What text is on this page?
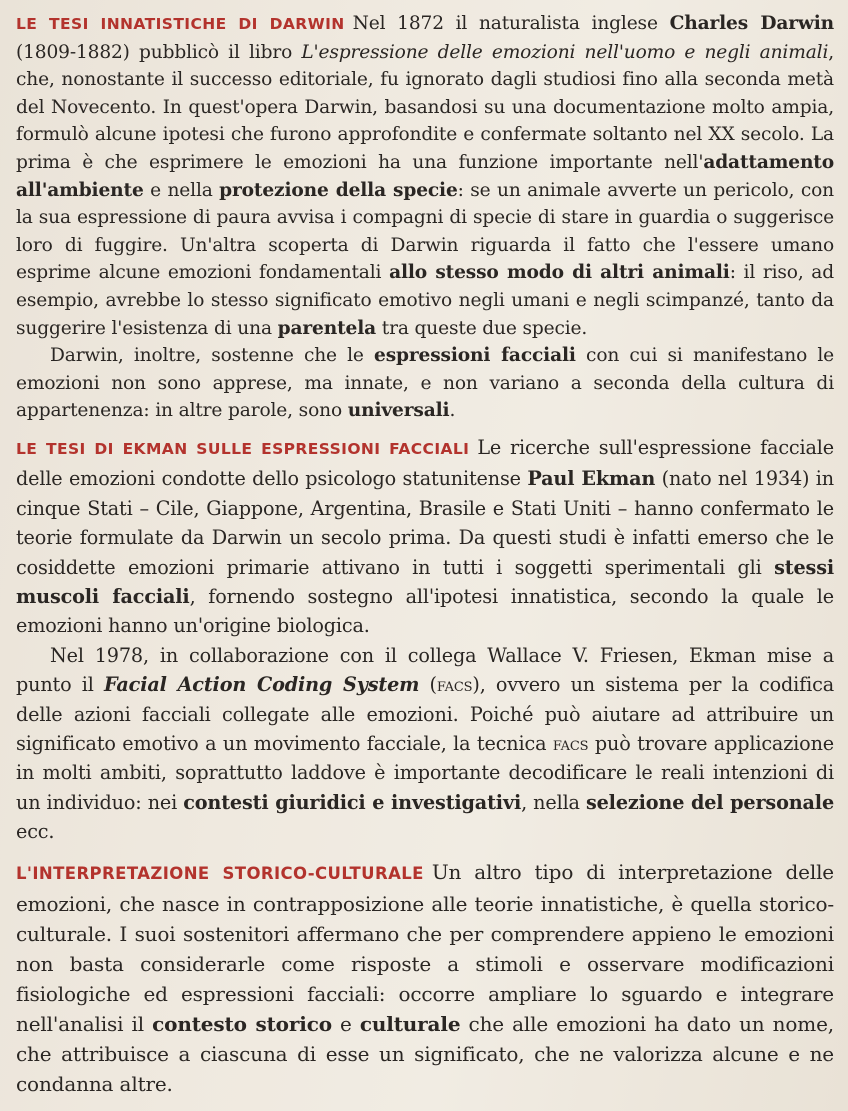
LE TESI INNATISTICHE DI DARWIN Nel 1872 il naturalista inglese Charles Darwin (1809-1882) pubblicò il libro L'espressione delle emozioni nell'uomo e negli animali, che, nonostante il successo editoriale, fu ignorato dagli studiosi fino alla seconda metà del Novecento. In quest'opera Darwin, basandosi su una documentazione molto ampia, formulò alcune ipotesi che furono approfondite e confermate soltanto nel XX secolo. La prima è che esprimere le emozioni ha una funzione importante nell'adattamento all'ambiente e nella protezione della specie: se un animale avverte un pericolo, con la sua espressione di paura avvisa i compagni di specie di stare in guardia o suggerisce loro di fuggire. Un'altra scoperta di Darwin riguarda il fatto che l'essere umano esprime alcune emozioni fondamentali allo stesso modo di altri animali: il riso, ad esempio, avrebbe lo stesso significato emotivo negli umani e negli scimpanzé, tanto da suggerire l'esistenza di una parentela tra queste due specie.

Darwin, inoltre, sostenne che le espressioni facciali con cui si manifestano le emozioni non sono apprese, ma innate, e non variano a seconda della cultura di appartenenza: in altre parole, sono universali.

LE TESI DI EKMAN SULLE ESPRESSIONI FACCIALI Le ricerche sull'espressione facciale delle emozioni condotte dello psicologo statunitense Paul Ekman (nato nel 1934) in cinque Stati – Cile, Giappone, Argentina, Brasile e Stati Uniti – hanno confermato le teorie formulate da Darwin un secolo prima. Da questi studi è infatti emerso che le cosiddette emozioni primarie attivano in tutti i soggetti sperimentali gli stessi muscoli facciali, fornendo sostegno all'ipotesi innatistica, secondo la quale le emozioni hanno un'origine biologica.

Nel 1978, in collaborazione con il collega Wallace V. Friesen, Ekman mise a punto il Facial Action Coding System (facs), ovvero un sistema per la codifica delle azioni facciali collegate alle emozioni. Poiché può aiutare ad attribuire un significato emotivo a un movimento facciale, la tecnica facs può trovare applicazione in molti ambiti, soprattutto laddove è importante decodificare le reali intenzioni di un individuo: nei contesti giuridici e investigativi, nella selezione del personale ecc.

L'INTERPRETAZIONE STORICO-CULTURALE Un altro tipo di interpretazione delle emozioni, che nasce in contrapposizione alle teorie innatistiche, è quella storico-culturale. I suoi sostenitori affermano che per comprendere appieno le emozioni non basta considerarle come risposte a stimoli e osservare modificazioni fisiologiche ed espressioni facciali: occorre ampliare lo sguardo e integrare nell'analisi il contesto storico e culturale che alle emozioni ha dato un nome, che attribuisce a ciascuna di esse un significato, che ne valorizza alcune e ne condanna altre.
